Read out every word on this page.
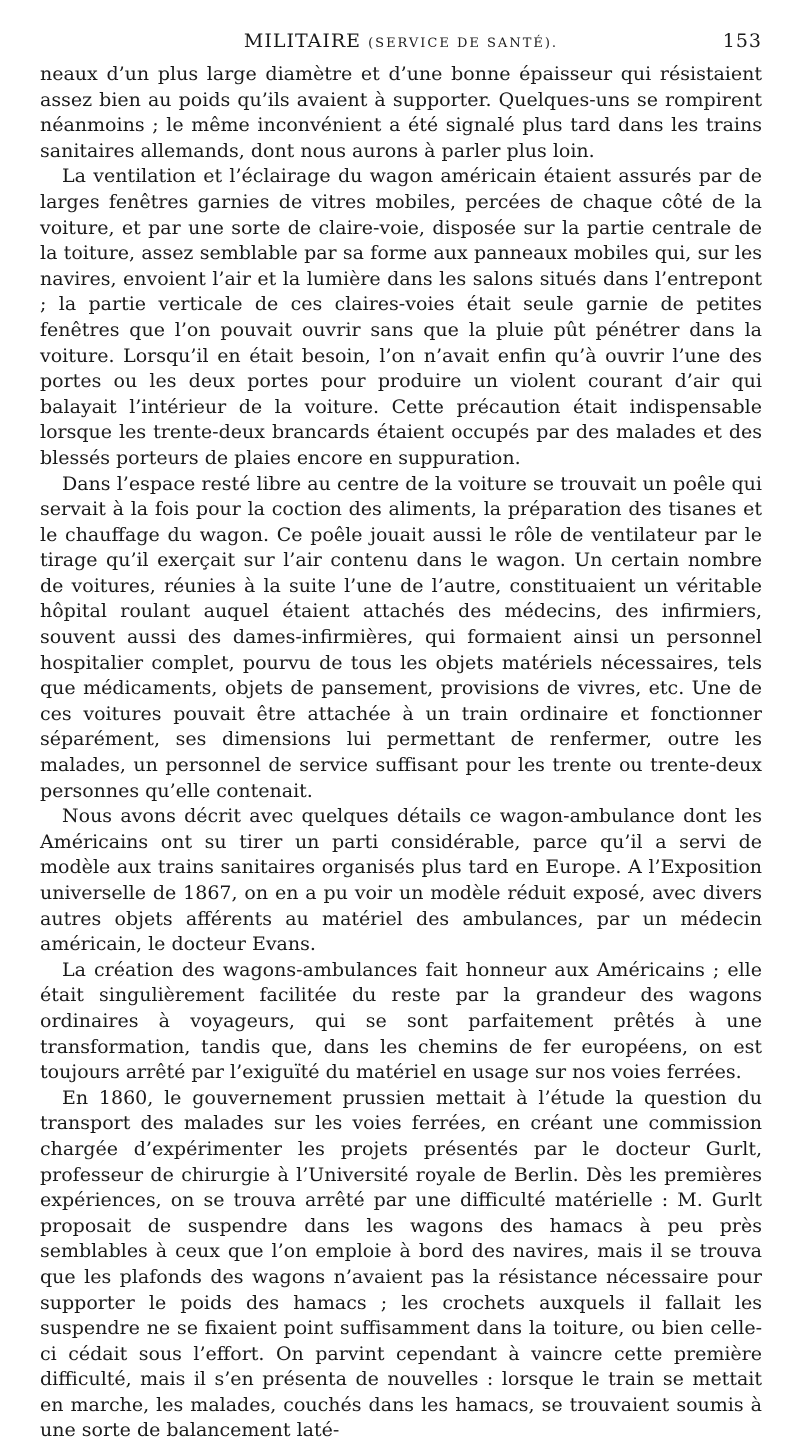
MILITAIRE (SERVICE DE SANTÉ).	153

neaux d’un plus large diamètre et d’une bonne épaisseur qui résistaient assez bien au poids qu’ils avaient à supporter. Quelques-uns se rompirent néanmoins ; le même inconvénient a été signalé plus tard dans les trains sanitaires allemands, dont nous aurons à parler plus loin.

La ventilation et l’éclairage du wagon américain étaient assurés par de larges fenêtres garnies de vitres mobiles, percées de chaque côté de la voiture, et par une sorte de claire-voie, disposée sur la partie centrale de la toiture, assez semblable par sa forme aux panneaux mobiles qui, sur les navires, envoient l’air et la lumière dans les salons situés dans l’entrepont ; la partie verticale de ces claires-voies était seule garnie de petites fenêtres que l’on pouvait ouvrir sans que la pluie pût pénétrer dans la voiture. Lorsqu’il en était besoin, l’on n’avait enfin qu’à ouvrir l’une des portes ou les deux portes pour produire un violent courant d’air qui balayait l’intérieur de la voiture. Cette précaution était indispensable lorsque les trente-deux brancards étaient occupés par des malades et des blessés porteurs de plaies encore en suppuration.

Dans l’espace resté libre au centre de la voiture se trouvait un poêle qui servait à la fois pour la coction des aliments, la préparation des tisanes et le chauffage du wagon. Ce poêle jouait aussi le rôle de ventilateur par le tirage qu’il exerçait sur l’air contenu dans le wagon. Un certain nombre de voitures, réunies à la suite l’une de l’autre, constituaient un véritable hôpital roulant auquel étaient attachés des médecins, des infirmiers, souvent aussi des dames-infirmières, qui formaient ainsi un personnel hospitalier complet, pourvu de tous les objets matériels nécessaires, tels que médicaments, objets de pansement, provisions de vivres, etc. Une de ces voitures pouvait être attachée à un train ordinaire et fonctionner séparément, ses dimensions lui permettant de renfermer, outre les malades, un personnel de service suffisant pour les trente ou trente-deux personnes qu’elle contenait.

Nous avons décrit avec quelques détails ce wagon-ambulance dont les Américains ont su tirer un parti considérable, parce qu’il a servi de modèle aux trains sanitaires organisés plus tard en Europe. A l’Exposition universelle de 1867, on en a pu voir un modèle réduit exposé, avec divers autres objets afférents au matériel des ambulances, par un médecin américain, le docteur Evans.

La création des wagons-ambulances fait honneur aux Américains ; elle était singulièrement facilitée du reste par la grandeur des wagons ordinaires à voyageurs, qui se sont parfaitement prêtés à une transformation, tandis que, dans les chemins de fer européens, on est toujours arrêté par l’exiguïté du matériel en usage sur nos voies ferrées.

En 1860, le gouvernement prussien mettait à l’étude la question du transport des malades sur les voies ferrées, en créant une commission chargée d’expérimenter les projets présentés par le docteur Gurlt, professeur de chirurgie à l’Université royale de Berlin. Dès les premières expériences, on se trouva arrêté par une difficulté matérielle : M. Gurlt proposait de suspendre dans les wagons des hamacs à peu près semblables à ceux que l’on emploie à bord des navires, mais il se trouva que les plafonds des wagons n’avaient pas la résistance nécessaire pour supporter le poids des hamacs ; les crochets auxquels il fallait les suspendre ne se fixaient point suffisamment dans la toiture, ou bien celle-ci cédait sous l’effort. On parvint cependant à vaincre cette première difficulté, mais il s’en présenta de nouvelles : lorsque le train se mettait en marche, les malades, couchés dans les hamacs, se trouvaient soumis à une sorte de balancement laté-
